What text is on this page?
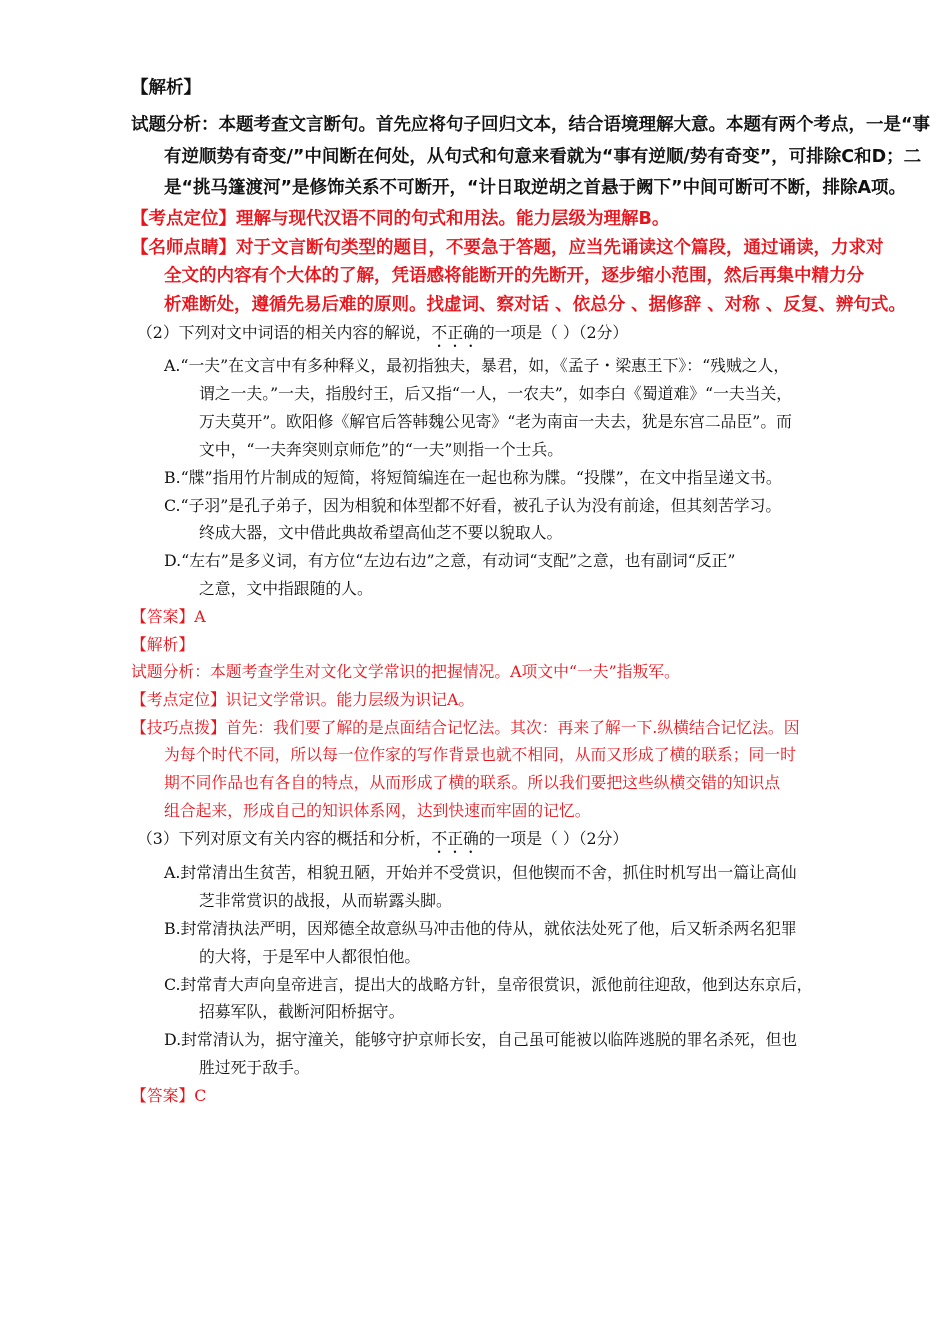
【解析】
试题分析：本题考查文言断句。首先应将句子回归文本，结合语境理解大意。本题有两个考点，一是“事
有逆顺势有奇变/”中间断在何处，从句式和句意来看就为“事有逆顺/势有奇变”，可排除C和D；二
是“挑马篷渡河”是修饰关系不可断开，“计日取逆胡之首悬于阙下”中间可断可不断，排除A项。
【考点定位】理解与现代汉语不同的句式和用法。能力层级为理解B。
【名师点睛】对于文言断句类型的题目，不要急于答题，应当先诵读这个篇段，通过诵读，力求对
全文的内容有个大体的了解，凭语感将能断开的先断开，逐步缩小范围，然后再集中精力分
析难断处，遵循先易后难的原则。找虚词、察对话 、依总分 、据修辞 、对称 、反复、辨句式。
（2）下列对文中词语的相关内容的解说，不正确的一项是（ ）（2分）
A.“一夫”在文言中有多种释义，最初指独夫，暴君，如，《孟子・梁惠王下》：“残贼之人，
谓之一夫。”一夫，指殷纣王，后又指“一人，一农夫”，如李白《蜀道难》“一夫当关，
万夫莫开”。欧阳修《解官后答韩魏公见寄》“老为南亩一夫去，犹是东宫二品臣”。而
文中，“一夫奔突则京师危”的“一夫”则指一个士兵。
B.“牒”指用竹片制成的短简，将短简编连在一起也称为牒。“投牒”，在文中指呈递文书。
C.“子羽”是孔子弟子，因为相貌和体型都不好看，被孔子认为没有前途，但其刻苦学习。
终成大器，文中借此典故希望高仙芝不要以貌取人。
D.“左右”是多义词，有方位“左边右边”之意，有动词“支配”之意，也有副词“反正”
之意，文中指跟随的人。
【答案】A
【解析】
试题分析：本题考查学生对文化文学常识的把握情况。A项文中“一夫”指叛军。
【考点定位】识记文学常识。能力层级为识记A。
【技巧点拨】首先：我们要了解的是点面结合记忆法。其次：再来了解一下.纵横结合记忆法。因
为每个时代不同，所以每一位作家的写作背景也就不相同，从而又形成了横的联系；同一时
期不同作品也有各自的特点，从而形成了横的联系。所以我们要把这些纵横交错的知识点
组合起来，形成自己的知识体系网，达到快速而牢固的记忆。
（3）下列对原文有关内容的概括和分析，不正确的一项是（ ）（2分）
A.封常清出生贫苦，相貌丑陋，开始并不受赏识，但他锲而不舍，抓住时机写出一篇让高仙
芝非常赏识的战报，从而崭露头脚。
B.封常清执法严明，因郑德全故意纵马冲击他的侍从，就依法处死了他，后又斩杀两名犯罪
的大将，于是军中人都很怕他。
C.封常青大声向皇帝进言，提出大的战略方针，皇帝很赏识，派他前往迎敌，他到达东京后，
招募军队，截断河阳桥据守。
D.封常清认为，据守潼关，能够守护京师长安，自己虽可能被以临阵逃脱的罪名杀死，但也
胜过死于敌手。
【答案】C
